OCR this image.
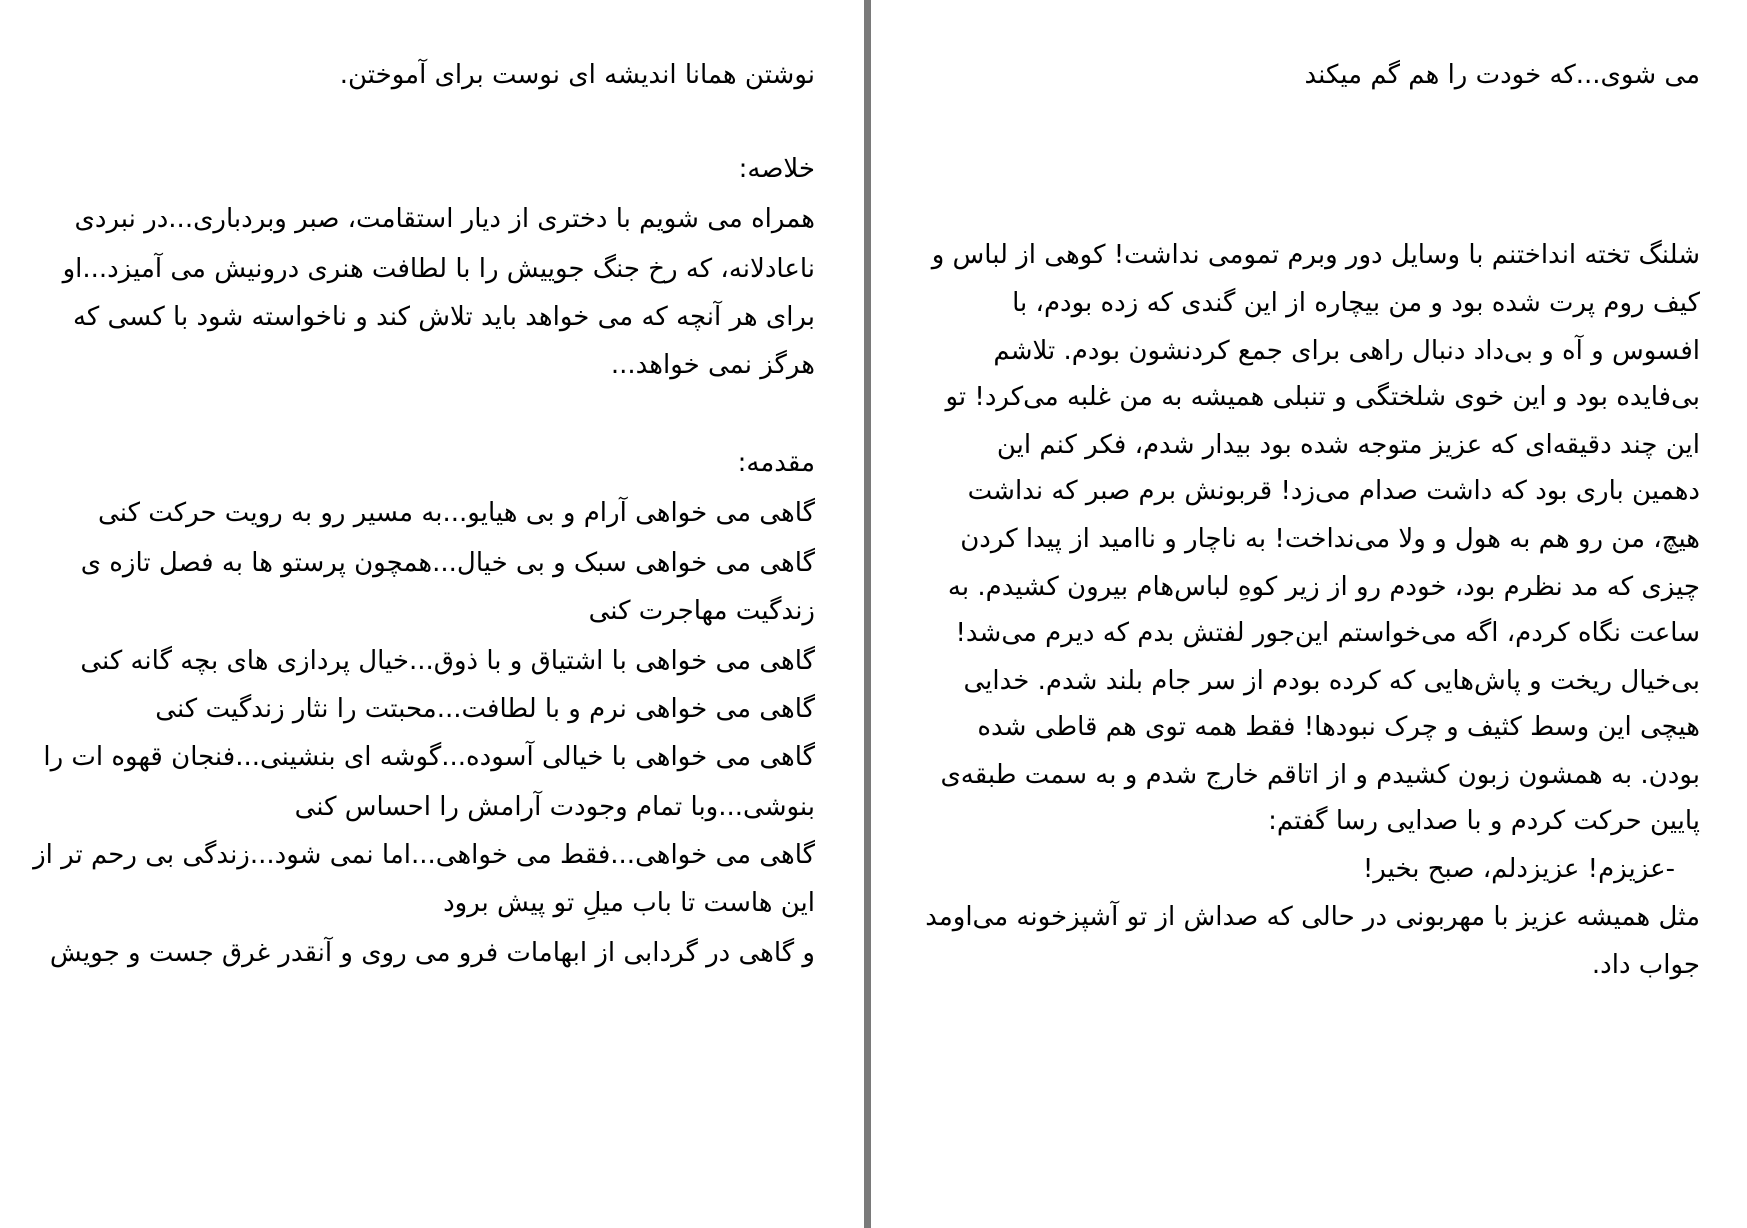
نوشتن همانا اندیشه ای نوست برای آموختن.
خلاصه:
همراه می شویم با دختری از دیار استقامت، صبر وبردباری...در نبردی
ناعادلانه، که رخ جنگ جوییش را با لطافت هنری درونیش می آمیزد...او
برای هر آنچه که می خواهد باید تلاش کند و ناخواسته شود با کسی که
هرگز نمی خواهد...
مقدمه:
گاهی می خواهی آرام و بی هیایو...به مسیر رو به رویت حرکت کنی
گاهی می خواهی سبک و بی خیال...همچون پرستو ها به فصل تازه ی
زندگیت مهاجرت کنی
گاهی می خواهی با اشتیاق و با ذوق...خیال پردازی های بچه گانه کنی
گاهی می خواهی نرم و با لطافت...محبتت را نثار زندگیت کنی
گاهی می خواهی با خیالی آسوده...گوشه ای بنشینی...فنجان قهوه ات را
بنوشی...وبا تمام وجودت آرامش را احساس کنی
گاهی می خواهی...فقط می خواهی...اما نمی شود...زندگی بی رحم تر از
این هاست تا باب میلِ تو پیش برود
و گاهی در گردابی از ابهامات فرو می روی و آنقدر غرق جست و جویش
می شوی...که خودت را هم گم میکند
شلنگ تخته انداختنم با وسایل دور وبرم تمومی نداشت! کوهی از لباس و
کیف روم پرت شده بود و من بیچاره از این گندی که زده بودم، با
افسوس و آه و بی‌داد دنبال راهی برای جمع کردنشون بودم. تلاشم
بی‌فایده بود و این خوی شلختگی و تنبلی همیشه به من غلبه می‌کرد! تو
این چند دقیقه‌ای که عزیز متوجه شده بود بیدار شدم، فکر کنم این
دهمین باری بود که داشت صدام می‌زد! قربونش برم صبر که نداشت
هیچ، من رو هم به هول و ولا می‌نداخت! به ناچار و ناامید از پیدا کردن
چیزی که مد نظرم بود، خودم رو از زیر کوهِ لباس‌هام بیرون کشیدم. به
ساعت نگاه کردم، اگه می‌خواستم این‌جور لفتش بدم که دیرم می‌شد!
بی‌خیال ریخت و پاش‌هایی که کرده بودم از سر جام بلند شدم. خدایی
هیچی این وسط کثیف و چرک نبودها! فقط همه توی هم قاطی شده
بودن. به همشون زبون کشیدم و از اتاقم خارج شدم و به سمت طبقه‌ی
پایین حرکت کردم و با صدایی رسا گفتم:
-عزیزم! عزیزدلم، صبح بخیر!
مثل همیشه عزیز با مهربونی در حالی که صداش از تو آشپزخونه می‌اومد
جواب داد.
